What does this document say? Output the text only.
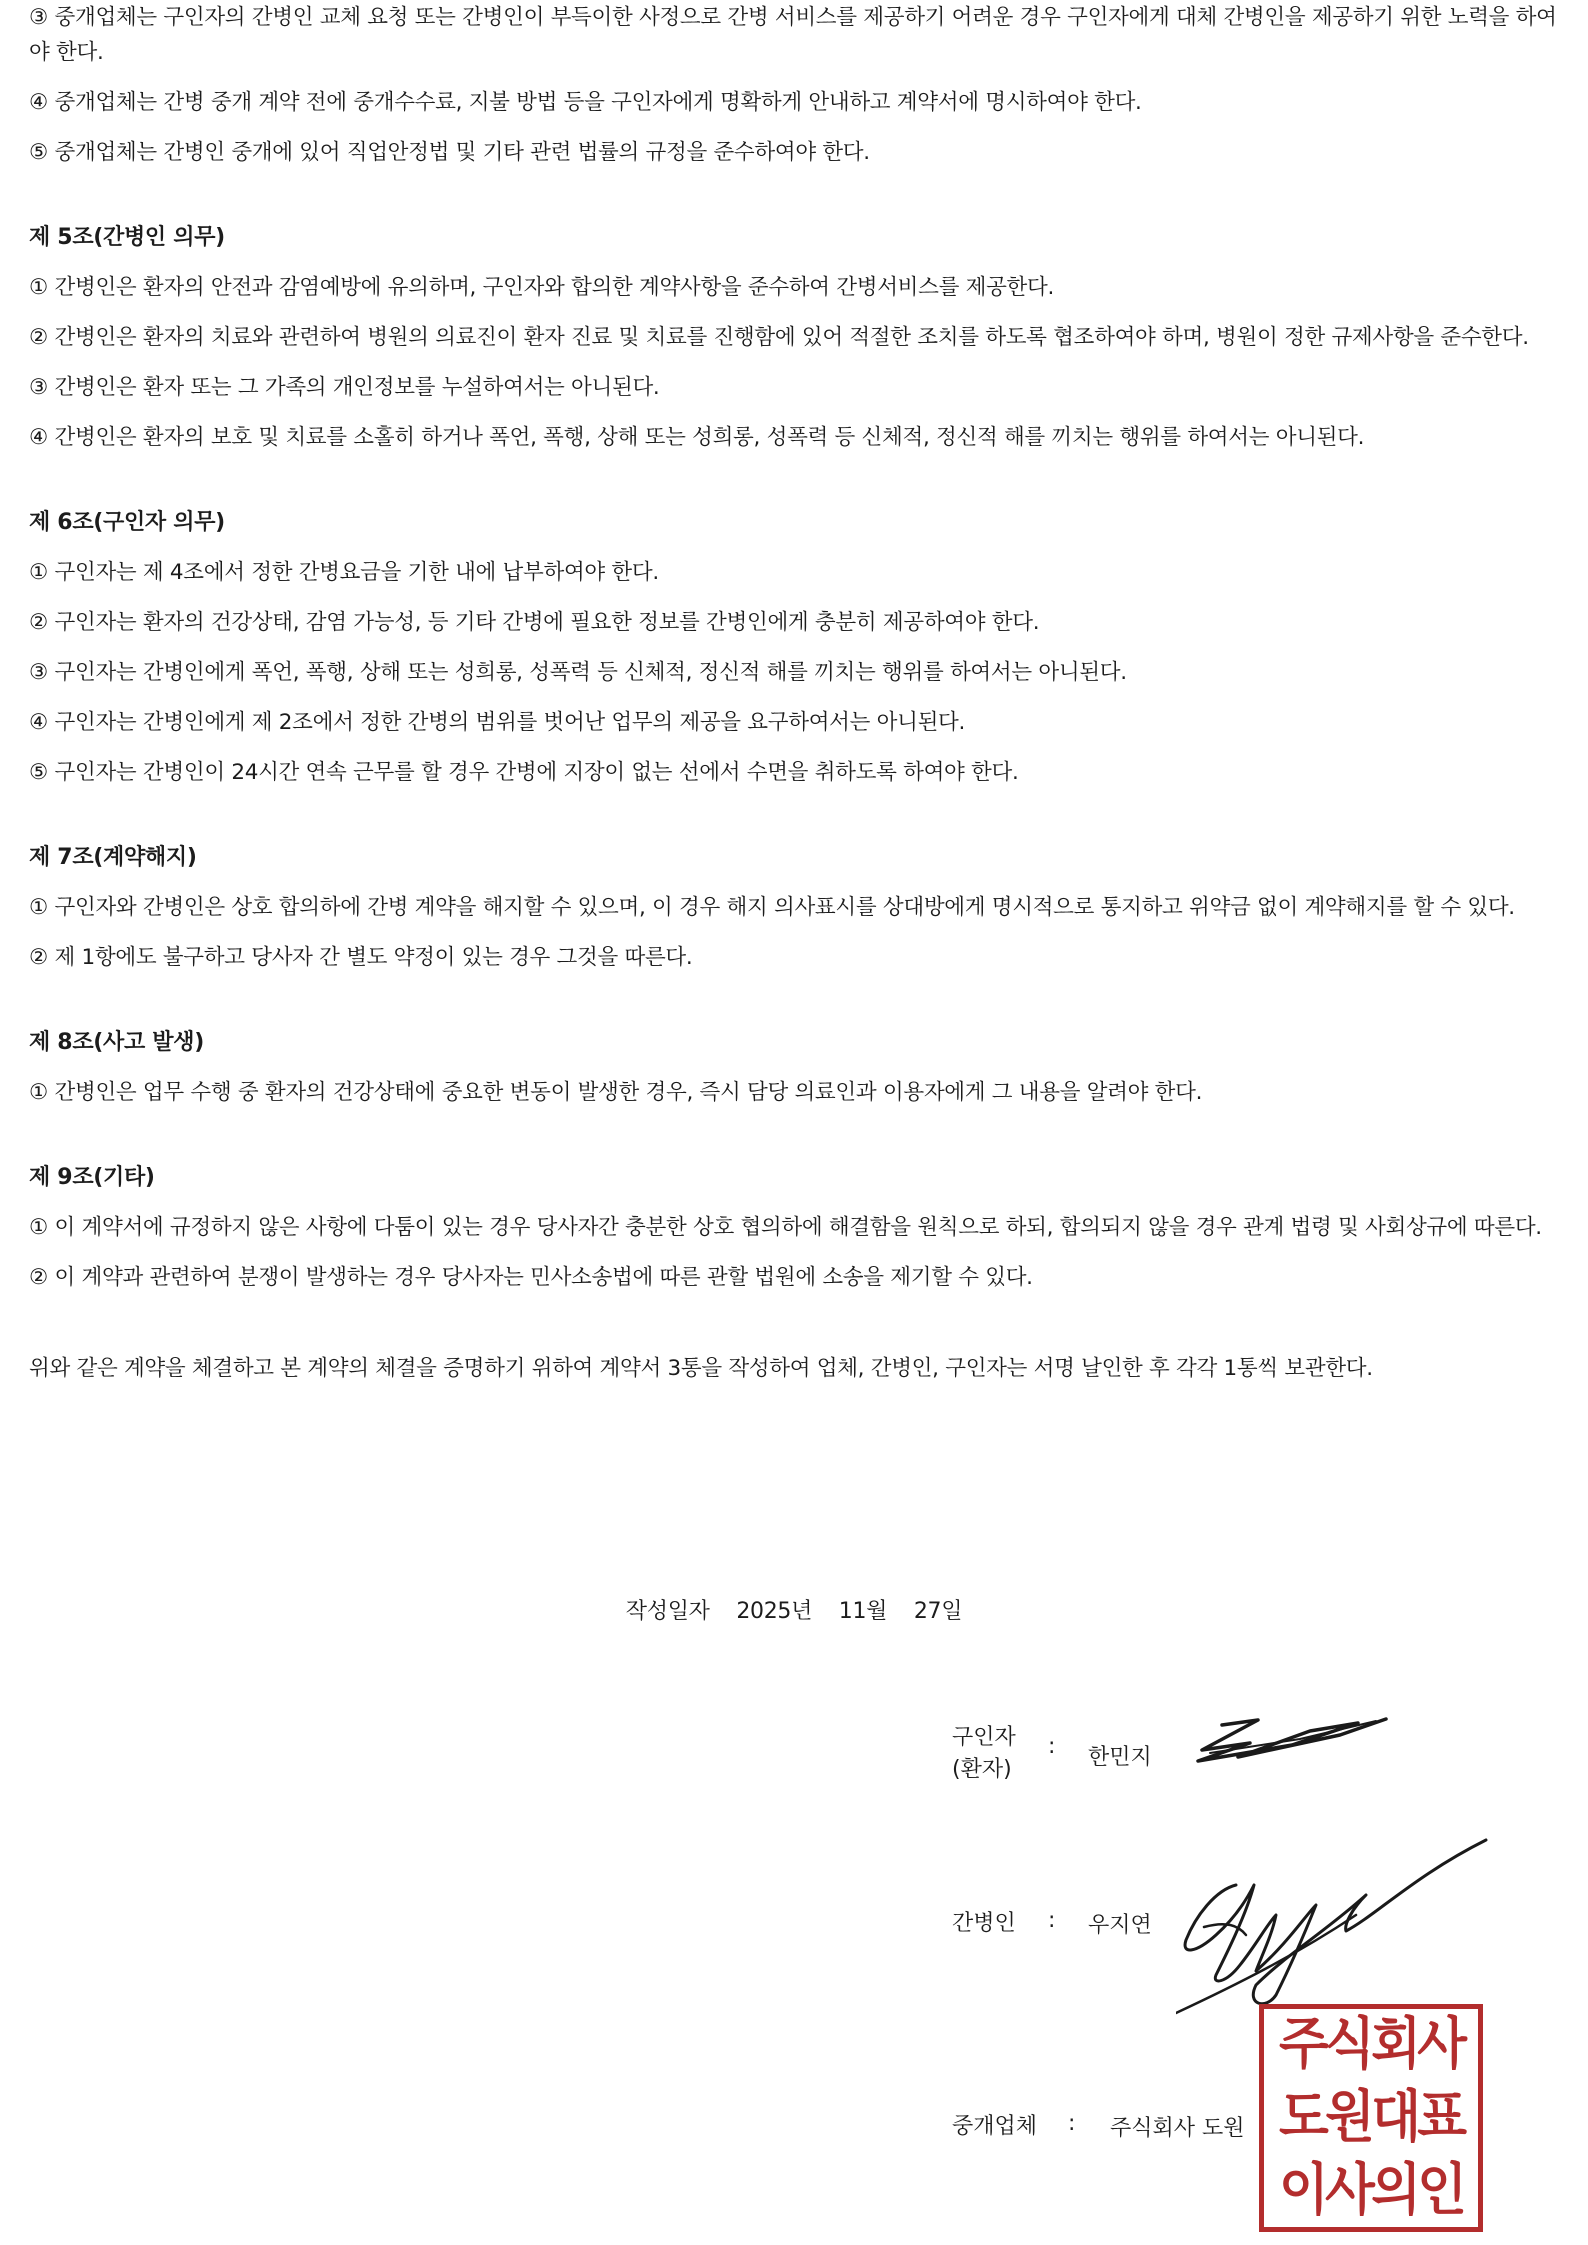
③ 중개업체는 구인자의 간병인 교체 요청 또는 간병인이 부득이한 사정으로 간병 서비스를 제공하기 어려운 경우 구인자에게 대체 간병인을 제공하기 위한 노력을 하여야 한다.

④ 중개업체는 간병 중개 계약 전에 중개수수료, 지불 방법 등을 구인자에게 명확하게 안내하고 계약서에 명시하여야 한다.

⑤ 중개업체는 간병인 중개에 있어 직업안정법 및 기타 관련 법률의 규정을 준수하여야 한다.

제 5조(간병인 의무)

① 간병인은 환자의 안전과 감염예방에 유의하며, 구인자와 합의한 계약사항을 준수하여 간병서비스를 제공한다.

② 간병인은 환자의 치료와 관련하여 병원의 의료진이 환자 진료 및 치료를 진행함에 있어 적절한 조치를 하도록 협조하여야 하며, 병원이 정한 규제사항을 준수한다.

③ 간병인은 환자 또는 그 가족의 개인정보를 누설하여서는 아니된다.

④ 간병인은 환자의 보호 및 치료를 소홀히 하거나 폭언, 폭행, 상해 또는 성희롱, 성폭력 등 신체적, 정신적 해를 끼치는 행위를 하여서는 아니된다.

제 6조(구인자 의무)

① 구인자는 제 4조에서 정한 간병요금을 기한 내에 납부하여야 한다.

② 구인자는 환자의 건강상태, 감염 가능성, 등 기타 간병에 필요한 정보를 간병인에게 충분히 제공하여야 한다.

③ 구인자는 간병인에게 폭언, 폭행, 상해 또는 성희롱, 성폭력 등 신체적, 정신적 해를 끼치는 행위를 하여서는 아니된다.

④ 구인자는 간병인에게 제 2조에서 정한 간병의 범위를 벗어난 업무의 제공을 요구하여서는 아니된다.

⑤ 구인자는 간병인이 24시간 연속 근무를 할 경우 간병에 지장이 없는 선에서 수면을 취하도록 하여야 한다.

제 7조(계약해지)

① 구인자와 간병인은 상호 합의하에 간병 계약을 해지할 수 있으며, 이 경우 해지 의사표시를 상대방에게 명시적으로 통지하고 위약금 없이 계약해지를 할 수 있다.

② 제 1항에도 불구하고 당사자 간 별도 약정이 있는 경우 그것을 따른다.

제 8조(사고 발생)

① 간병인은 업무 수행 중 환자의 건강상태에 중요한 변동이 발생한 경우, 즉시 담당 의료인과 이용자에게 그 내용을 알려야 한다.

제 9조(기타)

① 이 계약서에 규정하지 않은 사항에 다툼이 있는 경우 당사자간 충분한 상호 협의하에 해결함을 원칙으로 하되, 합의되지 않을 경우 관계 법령 및 사회상규에 따른다.

② 이 계약과 관련하여 분쟁이 발생하는 경우 당사자는 민사소송법에 따른 관할 법원에 소송을 제기할 수 있다.

위와 같은 계약을 체결하고 본 계약의 체결을 증명하기 위하여 계약서 3통을 작성하여 업체, 간병인, 구인자는 서명 날인한 후 각각 1통씩 보관한다.

작성일자 2025년 11월 27일
구인자
(환자)
: 한민지
간병인 : 우지연
중개업체 : 주식회사 도원
주식회사
도원대표
이사의인
